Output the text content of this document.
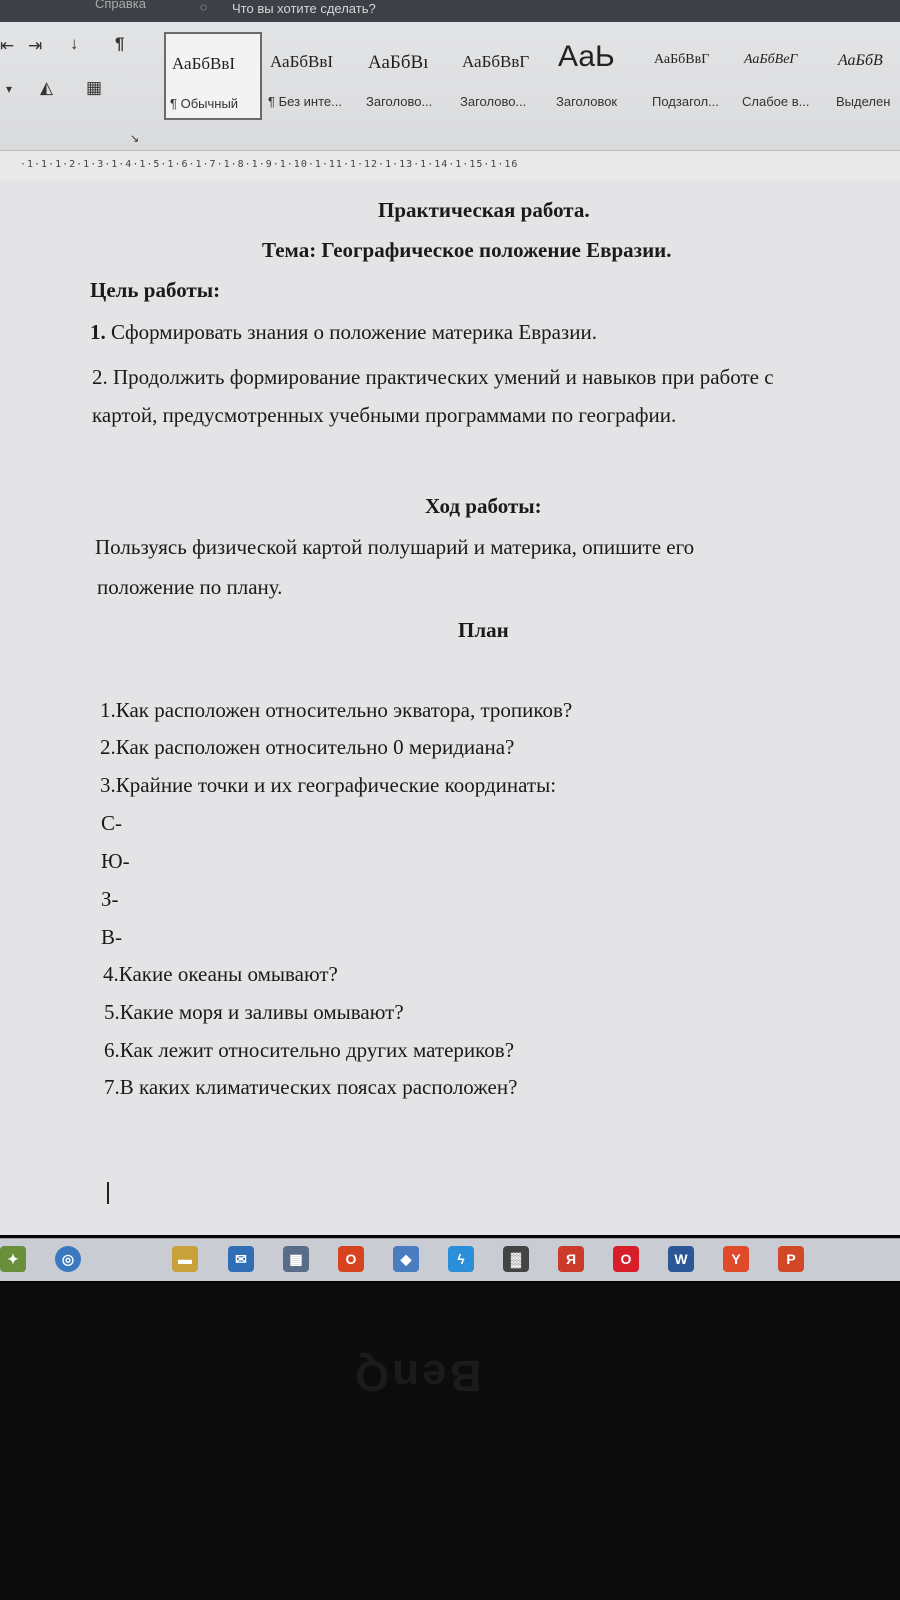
Справка	◌	Что вы хотите сделать?
⇤ ⇥ ↓ ¶
▾ ◭ ▦
↘
АаБбВвІ
¶ Обычный
АаБбВвІ
¶ Без инте...
АаБбВı
Заголово...
АаБбВвГ
Заголово...
АаЬ
Заголовок
АаБбВвГ
Подзагол...
АаБбВеГ
Слабое в...
АаБбВ
Выделен
·1·1·1·2·1·3·1·4·1·5·1·6·1·7·1·8·1·9·1·10·1·11·1·12·1·13·1·14·1·15·1·16
Практическая работа.
Тема: Географическое положение Евразии.
Цель работы:
1. Сформировать знания о положение материка Евразии.
2. Продолжить формирование практических умений и навыков при работе с
картой, предусмотренных учебными программами по географии.
Ход работы:
Пользуясь физической картой полушарий и материка, опишите его
положение по плану.
План
1.Как расположен относительно экватора, тропиков?
2.Как расположен относительно 0 меридиана?
3.Крайние точки и их географические координаты:
С-
Ю-
З-
В-
4.Какие океаны омывают?
5.Какие моря и заливы омывают?
6.Как лежит относительно других материков?
7.В каких климатических поясах расположен?
✦	◎	▬	✉	▦	O	◆	ϟ	▓	Я	O	W	Y	P
BenQ
